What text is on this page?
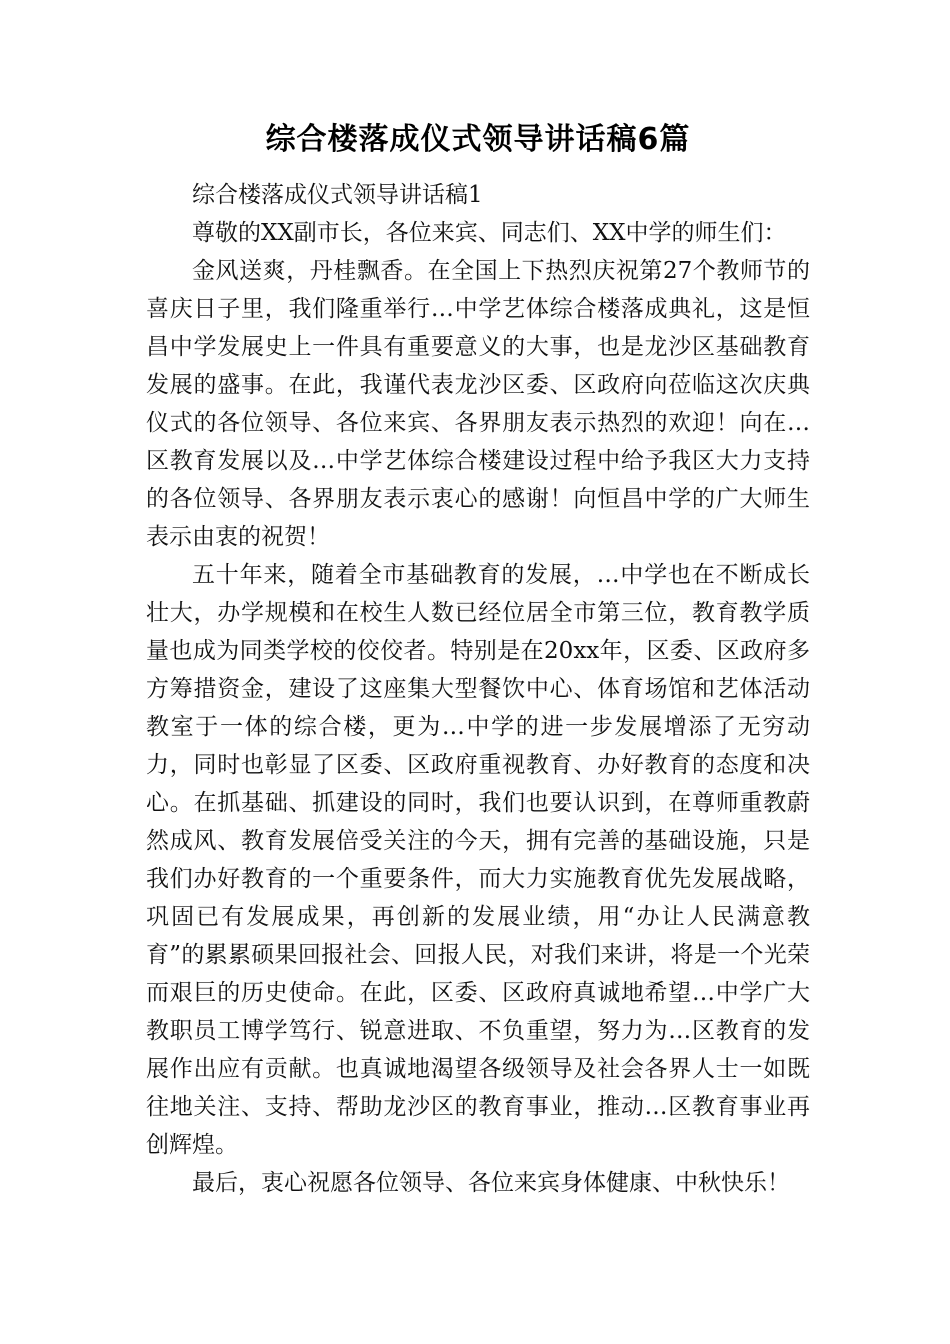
综合楼落成仪式领导讲话稿6篇

综合楼落成仪式领导讲话稿1

尊敬的XX副市长，各位来宾、同志们、XX中学的师生们：

金风送爽，丹桂飘香。在全国上下热烈庆祝第27个教师节的喜庆日子里，我们隆重举行…中学艺体综合楼落成典礼，这是恒昌中学发展史上一件具有重要意义的大事，也是龙沙区基础教育发展的盛事。在此，我谨代表龙沙区委、区政府向莅临这次庆典仪式的各位领导、各位来宾、各界朋友表示热烈的欢迎！向在…区教育发展以及…中学艺体综合楼建设过程中给予我区大力支持的各位领导、各界朋友表示衷心的感谢！向恒昌中学的广大师生表示由衷的祝贺！

五十年来，随着全市基础教育的发展，…中学也在不断成长壮大，办学规模和在校生人数已经位居全市第三位，教育教学质量也成为同类学校的佼佼者。特别是在20xx年，区委、区政府多方筹措资金，建设了这座集大型餐饮中心、体育场馆和艺体活动教室于一体的综合楼，更为…中学的进一步发展增添了无穷动力，同时也彰显了区委、区政府重视教育、办好教育的态度和决心。在抓基础、抓建设的同时，我们也要认识到，在尊师重教蔚然成风、教育发展倍受关注的今天，拥有完善的基础设施，只是我们办好教育的一个重要条件，而大力实施教育优先发展战略，巩固已有发展成果，再创新的发展业绩，用“办让人民满意教育”的累累硕果回报社会、回报人民，对我们来讲，将是一个光荣而艰巨的历史使命。在此，区委、区政府真诚地希望…中学广大教职员工博学笃行、锐意进取、不负重望，努力为…区教育的发展作出应有贡献。也真诚地渴望各级领导及社会各界人士一如既往地关注、支持、帮助龙沙区的教育事业，推动…区教育事业再创辉煌。

最后，衷心祝愿各位领导、各位来宾身体健康、中秋快乐！
